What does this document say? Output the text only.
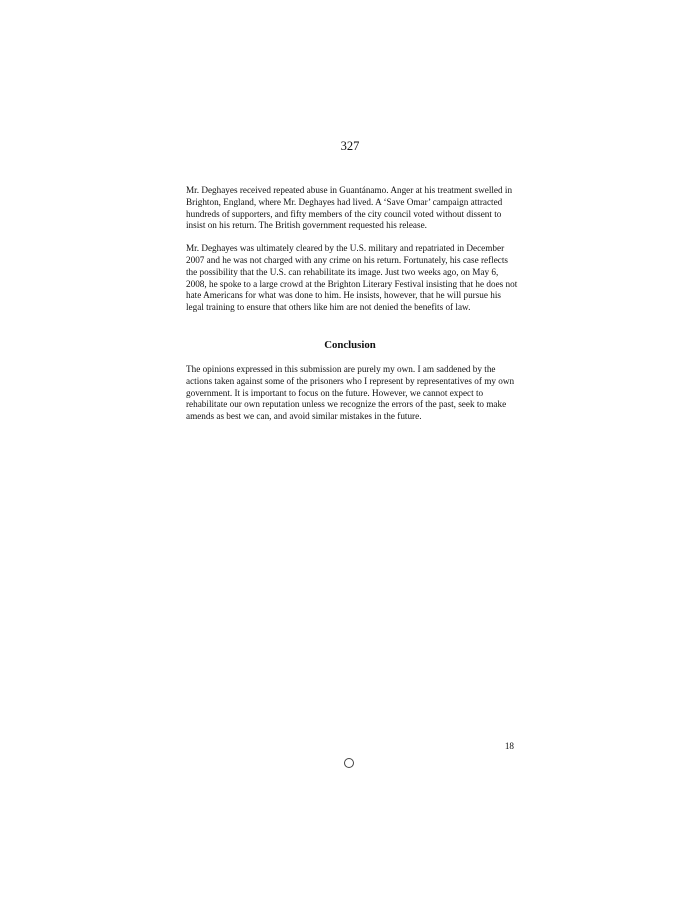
327

Mr. Deghayes received repeated abuse in Guantánamo. Anger at his treatment swelled in Brighton, England, where Mr. Deghayes had lived. A ‘Save Omar’ campaign attracted hundreds of supporters, and fifty members of the city council voted without dissent to insist on his return. The British government requested his release.

Mr. Deghayes was ultimately cleared by the U.S. military and repatriated in December 2007 and he was not charged with any crime on his return. Fortunately, his case reflects the possibility that the U.S. can rehabilitate its image. Just two weeks ago, on May 6, 2008, he spoke to a large crowd at the Brighton Literary Festival insisting that he does not hate Americans for what was done to him. He insists, however, that he will pursue his legal training to ensure that others like him are not denied the benefits of law.

Conclusion

The opinions expressed in this submission are purely my own. I am saddened by the actions taken against some of the prisoners who I represent by representatives of my own government. It is important to focus on the future. However, we cannot expect to rehabilitate our own reputation unless we recognize the errors of the past, seek to make amends as best we can, and avoid similar mistakes in the future.

18
